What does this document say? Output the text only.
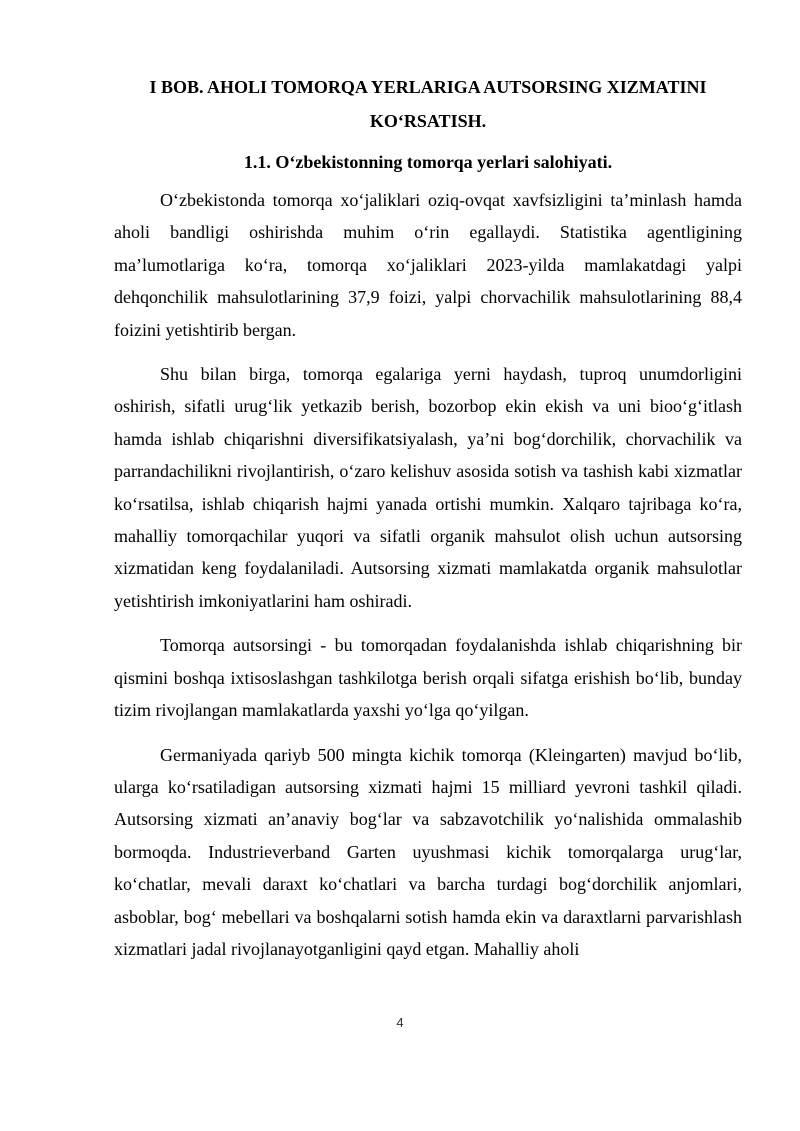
I BOB. AHOLI TOMORQA YERLARIGA AUTSORSING XIZMATINI KO‘RSATISH.
1.1. O‘zbekistonning tomorqa yerlari salohiyati.

O‘zbekistonda tomorqa xo‘jaliklari oziq-ovqat xavfsizligini ta’minlash hamda aholi bandligi oshirishda muhim o‘rin egallaydi. Statistika agentligining ma’lumotlariga ko‘ra, tomorqa xo‘jaliklari 2023-yilda mamlakatdagi yalpi dehqonchilik mahsulotlarining 37,9 foizi, yalpi chorvachilik mahsulotlarining 88,4 foizini yetishtirib bergan.

Shu bilan birga, tomorqa egalariga yerni haydash, tuproq unumdorligini oshirish, sifatli urug‘lik yetkazib berish, bozorbop ekin ekish va uni bioo‘g‘itlash hamda ishlab chiqarishni diversifikatsiyalash, ya’ni bog‘dorchilik, chorvachilik va parrandachilikni rivojlantirish, o‘zaro kelishuv asosida sotish va tashish kabi xizmatlar ko‘rsatilsa, ishlab chiqarish hajmi yanada ortishi mumkin. Xalqaro tajribaga ko‘ra, mahalliy tomorqachilar yuqori va sifatli organik mahsulot olish uchun autsorsing xizmatidan keng foydalaniladi. Autsorsing xizmati mamlakatda organik mahsulotlar yetishtirish imkoniyatlarini ham oshiradi.

Tomorqa autsorsingi - bu tomorqadan foydalanishda ishlab chiqarishning bir qismini boshqa ixtisoslashgan tashkilotga berish orqali sifatga erishish bo‘lib, bunday tizim rivojlangan mamlakatlarda yaxshi yo‘lga qo‘yilgan.

Germaniyada qariyb 500 mingta kichik tomorqa (Kleingarten) mavjud bo‘lib, ularga ko‘rsatiladigan autsorsing xizmati hajmi 15 milliard yevroni tashkil qiladi. Autsorsing xizmati an’anaviy bog‘lar va sabzavotchilik yo‘nalishida ommalashib bormoqda. Industrieverband Garten uyushmasi kichik tomorqalarga urug‘lar, ko‘chatlar, mevali daraxt ko‘chatlari va barcha turdagi bog‘dorchilik anjomlari, asboblar, bog‘ mebellari va boshqalarni sotish hamda ekin va daraxtlarni parvarishlash xizmatlari jadal rivojlanayotganligini qayd etgan. Mahalliy aholi

4
